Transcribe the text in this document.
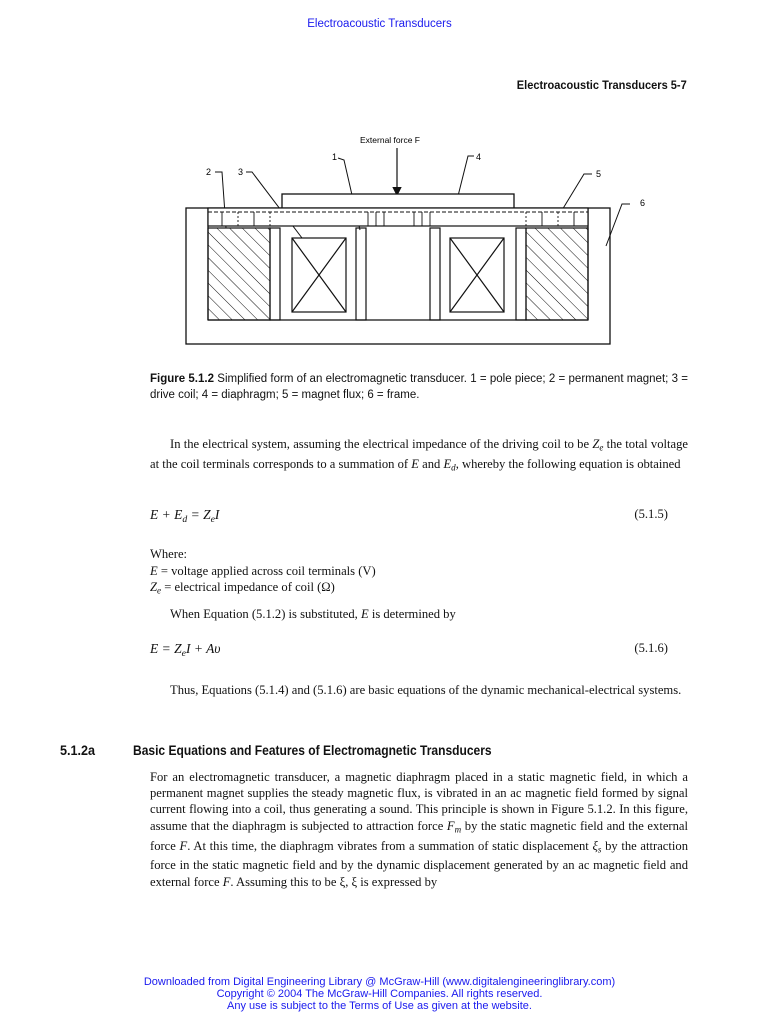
Electroacoustic Transducers
Electroacoustic Transducers 5-7
External force F
1
2	3
4
5
6
Figure 5.1.2 Simplified form of an electromagnetic transducer. 1 = pole piece; 2 = permanent magnet; 3 = drive coil; 4 = diaphragm; 5 = magnet flux; 6 = frame.
In the electrical system, assuming the electrical impedance of the driving coil to be $Z_e$ the total voltage at the coil terminals corresponds to a summation of E and $E_d$, whereby the following equation is obtained
$E + E_d = Z_eI$	(5.1.5)
Where:
E = voltage applied across coil terminals (V)
$Z_e$ = electrical impedance of coil (Ω)
When Equation (5.1.2) is substituted, E is determined by
$E = Z_eI + A\upsilon$	(5.1.6)
Thus, Equations (5.1.4) and (5.1.6) are basic equations of the dynamic mechanical-electrical systems.
5.1.2a	Basic Equations and Features of Electromagnetic Transducers
For an electromagnetic transducer, a magnetic diaphragm placed in a static magnetic field, in which a permanent magnet supplies the steady magnetic flux, is vibrated in an ac magnetic field formed by signal current flowing into a coil, thus generating a sound. This principle is shown in Figure 5.1.2. In this figure, assume that the diaphragm is subjected to attraction force $F_m$ by the static magnetic field and the external force F. At this time, the diaphragm vibrates from a summation of static displacement $\xi_s$ by the attraction force in the static magnetic field and by the dynamic displacement generated by an ac magnetic field and external force F. Assuming this to be ξ, ξ is expressed by
Downloaded from Digital Engineering Library @ McGraw-Hill (www.digitalengineeringlibrary.com)
Copyright © 2004 The McGraw-Hill Companies. All rights reserved.
Any use is subject to the Terms of Use as given at the website.
